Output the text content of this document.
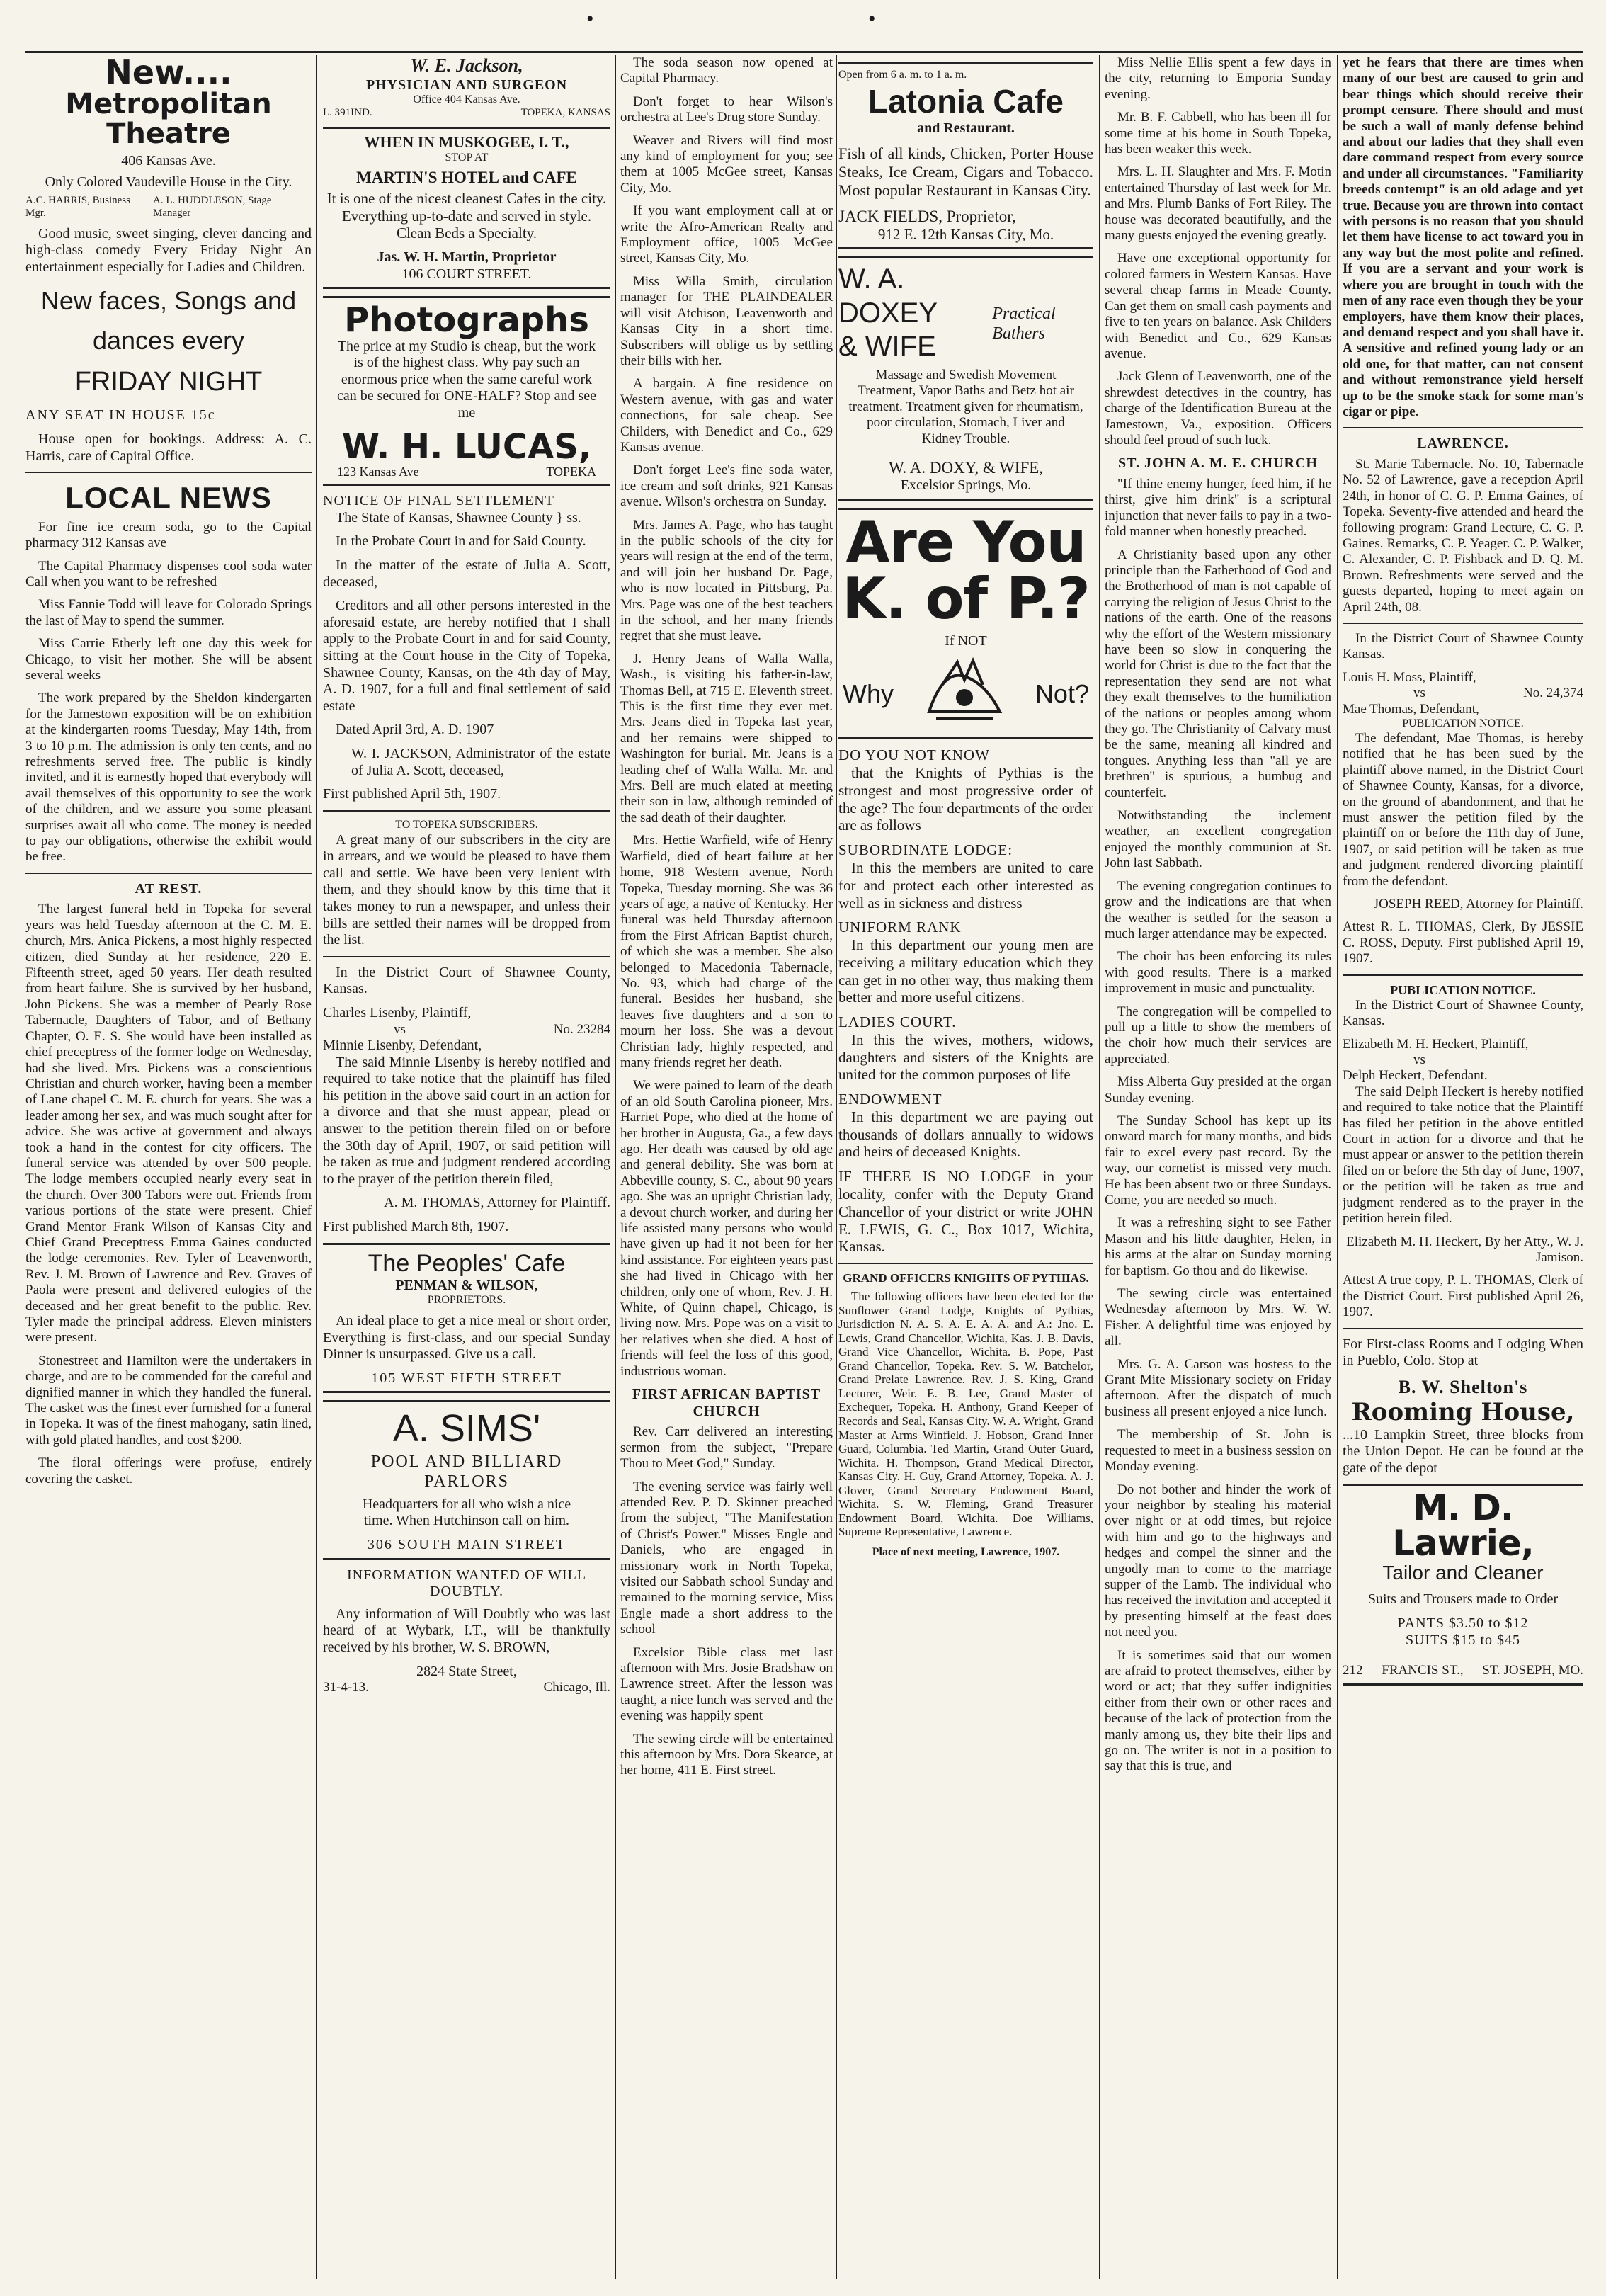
•	•
New....
Metropolitan Theatre
406 Kansas Ave.
Only Colored Vaudeville House in the City.
A.C. HARRIS, Business Mgr.
A. L. HUDDLESON, Stage Manager

Good music, sweet singing, clever dancing and high-class comedy Every Friday Night An entertainment especially for Ladies and Children.

New faces, Songs and
dances every
FRIDAY NIGHT
ANY SEAT IN HOUSE 15c

House open for bookings. Address: A. C. Harris, care of Capital Office.

LOCAL NEWS

For fine ice cream soda, go to the Capital pharmacy 312 Kansas ave

The Capital Pharmacy dispenses cool soda water Call when you want to be refreshed

Miss Fannie Todd will leave for Colorado Springs the last of May to spend the summer.

Miss Carrie Etherly left one day this week for Chicago, to visit her mother. She will be absent several weeks

The work prepared by the Sheldon kindergarten for the Jamestown exposition will be on exhibition at the kindergarten rooms Tuesday, May 14th, from 3 to 10 p.m. The admission is only ten cents, and no refreshments served free. The public is kindly invited, and it is earnestly hoped that everybody will avail themselves of this opportunity to see the work of the children, and we assure you some pleasant surprises await all who come. The money is needed to pay our obligations, otherwise the exhibit would be free.

AT REST.

The largest funeral held in Topeka for several years was held Tuesday afternoon at the C. M. E. church, Mrs. Anica Pickens, a most highly respected citizen, died Sunday at her residence, 220 E. Fifteenth street, aged 50 years. Her death resulted from heart failure. She is survived by her husband, John Pickens. She was a member of Pearly Rose Tabernacle, Daughters of Tabor, and of Bethany Chapter, O. E. S. She would have been installed as chief preceptress of the former lodge on Wednesday, had she lived. Mrs. Pickens was a conscientious Christian and church worker, having been a member of Lane chapel C. M. E. church for years. She was a leader among her sex, and was much sought after for advice. She was active at government and always took a hand in the contest for city officers. The funeral service was attended by over 500 people. The lodge members occupied nearly every seat in the church. Over 300 Tabors were out. Friends from various portions of the state were present. Chief Grand Mentor Frank Wilson of Kansas City and Chief Grand Preceptress Emma Gaines conducted the lodge ceremonies. Rev. Tyler of Leavenworth, Rev. J. M. Brown of Lawrence and Rev. Graves of Paola were present and delivered eulogies of the deceased and her great benefit to the public. Rev. Tyler made the principal address. Eleven ministers were present.

Stonestreet and Hamilton were the undertakers in charge, and are to be commended for the careful and dignified manner in which they handled the funeral. The casket was the finest ever furnished for a funeral in Topeka. It was of the finest mahogany, satin lined, with gold plated handles, and cost $200.

The floral offerings were profuse, entirely covering the casket.

W. E. Jackson,
PHYSICIAN AND SURGEON
Office 404 Kansas Ave.
L. 391IND.	TOPEKA, KANSAS
WHEN IN MUSKOGEE, I. T.,
STOP AT
MARTIN'S HOTEL and CAFE

It is one of the nicest cleanest Cafes in the city. Everything up-to-date and served in style. Clean Beds a Specialty.

Jas. W. H. Martin, Proprietor
106 COURT STREET.
Photographs

The price at my Studio is cheap, but the work is of the highest class. Why pay such an enormous price when the same careful work can be secured for ONE-HALF? Stop and see me

W. H. LUCAS,
123 Kansas Ave	TOPEKA
NOTICE OF FINAL SETTLEMENT

The State of Kansas, Shawnee County } ss.

In the Probate Court in and for Said County.

In the matter of the estate of Julia A. Scott, deceased,

Creditors and all other persons interested in the aforesaid estate, are hereby notified that I shall apply to the Probate Court in and for said County, sitting at the Court house in the City of Topeka, Shawnee County, Kansas, on the 4th day of May, A. D. 1907, for a full and final settlement of said estate

Dated April 3rd, A. D. 1907

W. I. JACKSON, Administrator of the estate of Julia A. Scott, deceased,

First published April 5th, 1907.

TO TOPEKA SUBSCRIBERS.

A great many of our subscribers in the city are in arrears, and we would be pleased to have them call and settle. We have been very lenient with them, and they should know by this time that it takes money to run a newspaper, and unless their bills are settled their names will be dropped from the list.

In the District Court of Shawnee County, Kansas.

Charles Lisenby, Plaintiff,
vs	No. 23284
Minnie Lisenby, Defendant,

The said Minnie Lisenby is hereby notified and required to take notice that the plaintiff has filed his petition in the above said court in an action for a divorce and that she must appear, plead or answer to the petition therein filed on or before the 30th day of April, 1907, or said petition will be taken as true and judgment rendered according to the prayer of the petition therein filed,

A. M. THOMAS, Attorney for Plaintiff.

First published March 8th, 1907.

The Peoples' Cafe
PENMAN & WILSON,
PROPRIETORS.

An ideal place to get a nice meal or short order, Everything is first-class, and our special Sunday Dinner is unsurpassed. Give us a call.

105 WEST FIFTH STREET
A. SIMS'
POOL AND BILLIARD
PARLORS

Headquarters for all who wish a nice time. When Hutchinson call on him.

306 SOUTH MAIN STREET
INFORMATION WANTED OF WILL DOUBTLY.

Any information of Will Doubtly who was last heard of at Wybark, I.T., will be thankfully received by his brother, W. S. BROWN,

2824 State Street,
31-4-13.	Chicago, Ill.

The soda season now opened at Capital Pharmacy.

Don't forget to hear Wilson's orchestra at Lee's Drug store Sunday.

Weaver and Rivers will find most any kind of employment for you; see them at 1005 McGee street, Kansas City, Mo.

If you want employment call at or write the Afro-American Realty and Employment office, 1005 McGee street, Kansas City, Mo.

Miss Willa Smith, circulation manager for THE PLAINDEALER will visit Atchison, Leavenworth and Kansas City in a short time. Subscribers will oblige us by settling their bills with her.

A bargain. A fine residence on Western avenue, with gas and water connections, for sale cheap. See Childers, with Benedict and Co., 629 Kansas avenue.

Don't forget Lee's fine soda water, ice cream and soft drinks, 921 Kansas avenue. Wilson's orchestra on Sunday.

Mrs. James A. Page, who has taught in the public schools of the city for years will resign at the end of the term, and will join her husband Dr. Page, who is now located in Pittsburg, Pa. Mrs. Page was one of the best teachers in the school, and her many friends regret that she must leave.

J. Henry Jeans of Walla Walla, Wash., is visiting his father-in-law, Thomas Bell, at 715 E. Eleventh street. This is the first time they ever met. Mrs. Jeans died in Topeka last year, and her remains were shipped to Washington for burial. Mr. Jeans is a leading chef of Walla Walla. Mr. and Mrs. Bell are much elated at meeting their son in law, although reminded of the sad death of their daughter.

Mrs. Hettie Warfield, wife of Henry Warfield, died of heart failure at her home, 918 Western avenue, North Topeka, Tuesday morning. She was 36 years of age, a native of Kentucky. Her funeral was held Thursday afternoon from the First African Baptist church, of which she was a member. She also belonged to Macedonia Tabernacle, No. 93, which had charge of the funeral. Besides her husband, she leaves five daughters and a son to mourn her loss. She was a devout Christian lady, highly respected, and many friends regret her death.

We were pained to learn of the death of an old South Carolina pioneer, Mrs. Harriet Pope, who died at the home of her brother in Augusta, Ga., a few days ago. Her death was caused by old age and general debility. She was born at Abbeville county, S. C., about 90 years ago. She was an upright Christian lady, a devout church worker, and during her life assisted many persons who would have given up had it not been for her kind assistance. For eighteen years past she had lived in Chicago with her children, only one of whom, Rev. J. H. White, of Quinn chapel, Chicago, is living now. Mrs. Pope was on a visit to her relatives when she died. A host of friends will feel the loss of this good, industrious woman.

FIRST AFRICAN BAPTIST CHURCH

Rev. Carr delivered an interesting sermon from the subject, "Prepare Thou to Meet God," Sunday.

The evening service was fairly well attended Rev. P. D. Skinner preached from the subject, "The Manifestation of Christ's Power." Misses Engle and Daniels, who are engaged in missionary work in North Topeka, visited our Sabbath school Sunday and remained to the morning service, Miss Engle made a short address to the school

Excelsior Bible class met last afternoon with Mrs. Josie Bradshaw on Lawrence street. After the lesson was taught, a nice lunch was served and the evening was happily spent

The sewing circle will be entertained this afternoon by Mrs. Dora Skearce, at her home, 411 E. First street.

Open from 6 a. m. to 1 a. m.
Latonia Cafe
and Restaurant.

Fish of all kinds, Chicken, Porter House Steaks, Ice Cream, Cigars and Tobacco. Most popular Restaurant in Kansas City.

JACK FIELDS, Proprietor,
912 E. 12th Kansas City, Mo.
W. A. DOXEY
& WIFE
Practical Bathers

Massage and Swedish Movement Treatment, Vapor Baths and Betz hot air treatment. Treatment given for rheumatism, poor circulation, Stomach, Liver and Kidney Trouble.

W. A. DOXY, & WIFE,
Excelsior Springs, Mo.
Are You
K. of P.?
If NOT
Why	Not?
DO YOU NOT KNOW

that the Knights of Pythias is the strongest and most progressive order of the age? The four departments of the order are as follows

SUBORDINATE LODGE:

In this the members are united to care for and protect each other interested as well as in sickness and distress

UNIFORM RANK

In this department our young men are receiving a military education which they can get in no other way, thus making them better and more useful citizens.

LADIES COURT.

In this the wives, mothers, widows, daughters and sisters of the Knights are united for the common purposes of life

ENDOWMENT

In this department we are paying out thousands of dollars annually to widows and heirs of deceased Knights.

IF THERE IS NO LODGE in your locality, confer with the Deputy Grand Chancellor of your district or write JOHN E. LEWIS, G. C., Box 1017, Wichita, Kansas.

GRAND OFFICERS KNIGHTS OF PYTHIAS.

The following officers have been elected for the Sunflower Grand Lodge, Knights of Pythias, Jurisdiction N. A. S. A. E. A. A. and A.: Jno. E. Lewis, Grand Chancellor, Wichita, Kas. J. B. Davis, Grand Vice Chancellor, Wichita. B. Pope, Past Grand Chancellor, Topeka. Rev. S. W. Batchelor, Grand Prelate Lawrence. Rev. J. S. King, Grand Lecturer, Weir. E. B. Lee, Grand Master of Exchequer, Topeka. H. Anthony, Grand Keeper of Records and Seal, Kansas City. W. A. Wright, Grand Master at Arms Winfield. J. Hobson, Grand Inner Guard, Columbia. Ted Martin, Grand Outer Guard, Wichita. H. Thompson, Grand Medical Director, Kansas City. H. Guy, Grand Attorney, Topeka. A. J. Glover, Grand Secretary Endowment Board, Wichita. S. W. Fleming, Grand Treasurer Endowment Board, Wichita. Doe Williams, Supreme Representative, Lawrence.

Place of next meeting, Lawrence, 1907.

Miss Nellie Ellis spent a few days in the city, returning to Emporia Sunday evening.

Mr. B. F. Cabbell, who has been ill for some time at his home in South Topeka, has been weaker this week.

Mrs. L. H. Slaughter and Mrs. F. Motin entertained Thursday of last week for Mr. and Mrs. Plumb Banks of Fort Riley. The house was decorated beautifully, and the many guests enjoyed the evening greatly.

Have one exceptional opportunity for colored farmers in Western Kansas. Have several cheap farms in Meade County. Can get them on small cash payments and five to ten years on balance. Ask Childers with Benedict and Co., 629 Kansas avenue.

Jack Glenn of Leavenworth, one of the shrewdest detectives in the country, has charge of the Identification Bureau at the Jamestown, Va., exposition. Officers should feel proud of such luck.

ST. JOHN A. M. E. CHURCH

"If thine enemy hunger, feed him, if he thirst, give him drink" is a scriptural injunction that never fails to pay in a two-fold manner when honestly preached.

A Christianity based upon any other principle than the Fatherhood of God and the Brotherhood of man is not capable of carrying the religion of Jesus Christ to the nations of the earth. One of the reasons why the effort of the Western missionary have been so slow in conquering the world for Christ is due to the fact that the representation they send are not what they exalt themselves to the humiliation of the nations or peoples among whom they go. The Christianity of Calvary must be the same, meaning all kindred and tongues. Anything less than "all ye are brethren" is spurious, a humbug and counterfeit.

Notwithstanding the inclement weather, an excellent congregation enjoyed the monthly communion at St. John last Sabbath.

The evening congregation continues to grow and the indications are that when the weather is settled for the season a much larger attendance may be expected.

The choir has been enforcing its rules with good results. There is a marked improvement in music and punctuality.

The congregation will be compelled to pull up a little to show the members of the choir how much their services are appreciated.

Miss Alberta Guy presided at the organ Sunday evening.

The Sunday School has kept up its onward march for many months, and bids fair to excel every past record. By the way, our cornetist is missed very much. He has been absent two or three Sundays. Come, you are needed so much.

It was a refreshing sight to see Father Mason and his little daughter, Helen, in his arms at the altar on Sunday morning for baptism. Go thou and do likewise.

The sewing circle was entertained Wednesday afternoon by Mrs. W. W. Fisher. A delightful time was enjoyed by all.

Mrs. G. A. Carson was hostess to the Grant Mite Missionary society on Friday afternoon. After the dispatch of much business all present enjoyed a nice lunch.

The membership of St. John is requested to meet in a business session on Monday evening.

Do not bother and hinder the work of your neighbor by stealing his material over night or at odd times, but rejoice with him and go to the highways and hedges and compel the sinner and the ungodly man to come to the marriage supper of the Lamb. The individual who has received the invitation and accepted it by presenting himself at the feast does not need you.

It is sometimes said that our women are afraid to protect themselves, either by word or act; that they suffer indignities either from their own or other races and because of the lack of protection from the manly among us, they bite their lips and go on. The writer is not in a position to say that this is true, and

yet he fears that there are times when many of our best are caused to grin and bear things which should receive their prompt censure. There should and must be such a wall of manly defense behind and about our ladies that they shall even dare command respect from every source and under all circumstances. "Familiarity breeds contempt" is an old adage and yet true. Because you are thrown into contact with persons is no reason that you should let them have license to act toward you in any way but the most polite and refined. If you are a servant and your work is where you are brought in touch with the men of any race even though they be your employers, have them know their places, and demand respect and you shall have it. A sensitive and refined young lady or an old one, for that matter, can not consent and without remonstrance yield herself up to be the smoke stack for some man's cigar or pipe.

LAWRENCE.

St. Marie Tabernacle. No. 10, Tabernacle No. 52 of Lawrence, gave a reception April 24th, in honor of C. G. P. Emma Gaines, of Topeka. Seventy-five attended and heard the following program: Grand Lecture, C. G. P. Gaines. Remarks, C. P. Yeager. C. P. Walker, C. Alexander, C. P. Fishback and D. Q. M. Brown. Refreshments were served and the guests departed, hoping to meet again on April 24th, 08.

In the District Court of Shawnee County Kansas.

Louis H. Moss, Plaintiff,
vs	No. 24,374
Mae Thomas, Defendant,
PUBLICATION NOTICE.

The defendant, Mae Thomas, is hereby notified that he has been sued by the plaintiff above named, in the District Court of Shawnee County, Kansas, for a divorce, on the ground of abandonment, and that he must answer the petition filed by the plaintiff on or before the 11th day of June, 1907, or said petition will be taken as true and judgment rendered divorcing plaintiff from the defendant.

JOSEPH REED, Attorney for Plaintiff.

Attest R. L. THOMAS, Clerk, By JESSIE C. ROSS, Deputy. First published April 19, 1907.

PUBLICATION NOTICE.

In the District Court of Shawnee County, Kansas.

Elizabeth M. H. Heckert, Plaintiff,
vs
Delph Heckert, Defendant.

The said Delph Heckert is hereby notified and required to take notice that the Plaintiff has filed her petition in the above entitled Court in action for a divorce and that he must appear or answer to the petition therein filed on or before the 5th day of June, 1907, or the petition will be taken as true and judgment rendered as to the prayer in the petition herein filed.

Elizabeth M. H. Heckert, By her Atty., W. J. Jamison.

Attest A true copy, P. L. THOMAS, Clerk of the District Court. First published April 26, 1907.

For First-class Rooms and Lodging When in Pueblo, Colo. Stop at

B. W. Shelton's
Rooming House,

...10 Lampkin Street, three blocks from the Union Depot. He can be found at the gate of the depot

M. D. Lawrie,
Tailor and Cleaner
Suits and Trousers made to Order
PANTS $3.50 to $12
SUITS $15 to $45
212 FRANCIS ST., ST. JOSEPH, MO.
